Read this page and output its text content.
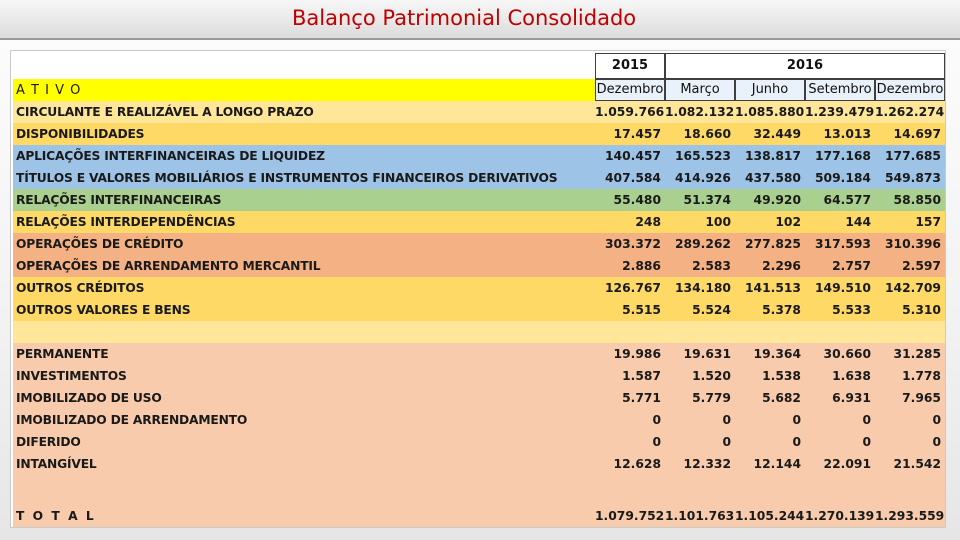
Balanço Patrimonial Consolidado
2015	2016
A T I V O	Dezembro	Março	Junho	Setembro Dezembro
CIRCULANTE E REALIZÁVEL A LONGO PRAZO	1.059.766 1.082.132 1.085.880 1.239.479 1.262.274
DISPONIBILIDADES	17.457	18.660	32.449	13.013	14.697
APLICAÇÕES INTERFINANCEIRAS DE LIQUIDEZ	140.457	165.523	138.817	177.168	177.685
TÍTULOS E VALORES MOBILIÁRIOS E INSTRUMENTOS FINANCEIROS DERIVATIVOS	407.584	414.926	437.580	509.184	549.873
RELAÇÕES INTERFINANCEIRAS	55.480	51.374	49.920	64.577	58.850
RELAÇÕES INTERDEPENDÊNCIAS	248	100	102	144	157
OPERAÇÕES DE CRÉDITO	303.372	289.262	277.825	317.593	310.396
OPERAÇÕES DE ARRENDAMENTO MERCANTIL	2.886	2.583	2.296	2.757	2.597
OUTROS CRÉDITOS	126.767	134.180	141.513	149.510	142.709
OUTROS VALORES E BENS	5.515	5.524	5.378	5.533	5.310
PERMANENTE	19.986	19.631	19.364	30.660	31.285
INVESTIMENTOS	1.587	1.520	1.538	1.638	1.778
IMOBILIZADO DE USO	5.771	5.779	5.682	6.931	7.965
IMOBILIZADO DE ARRENDAMENTO	0	0	0	0	0
DIFERIDO	0	0	0	0	0
INTANGÍVEL	12.628	12.332	12.144	22.091	21.542
T O T A L	1.079.752 1.101.763 1.105.244 1.270.139 1.293.559
